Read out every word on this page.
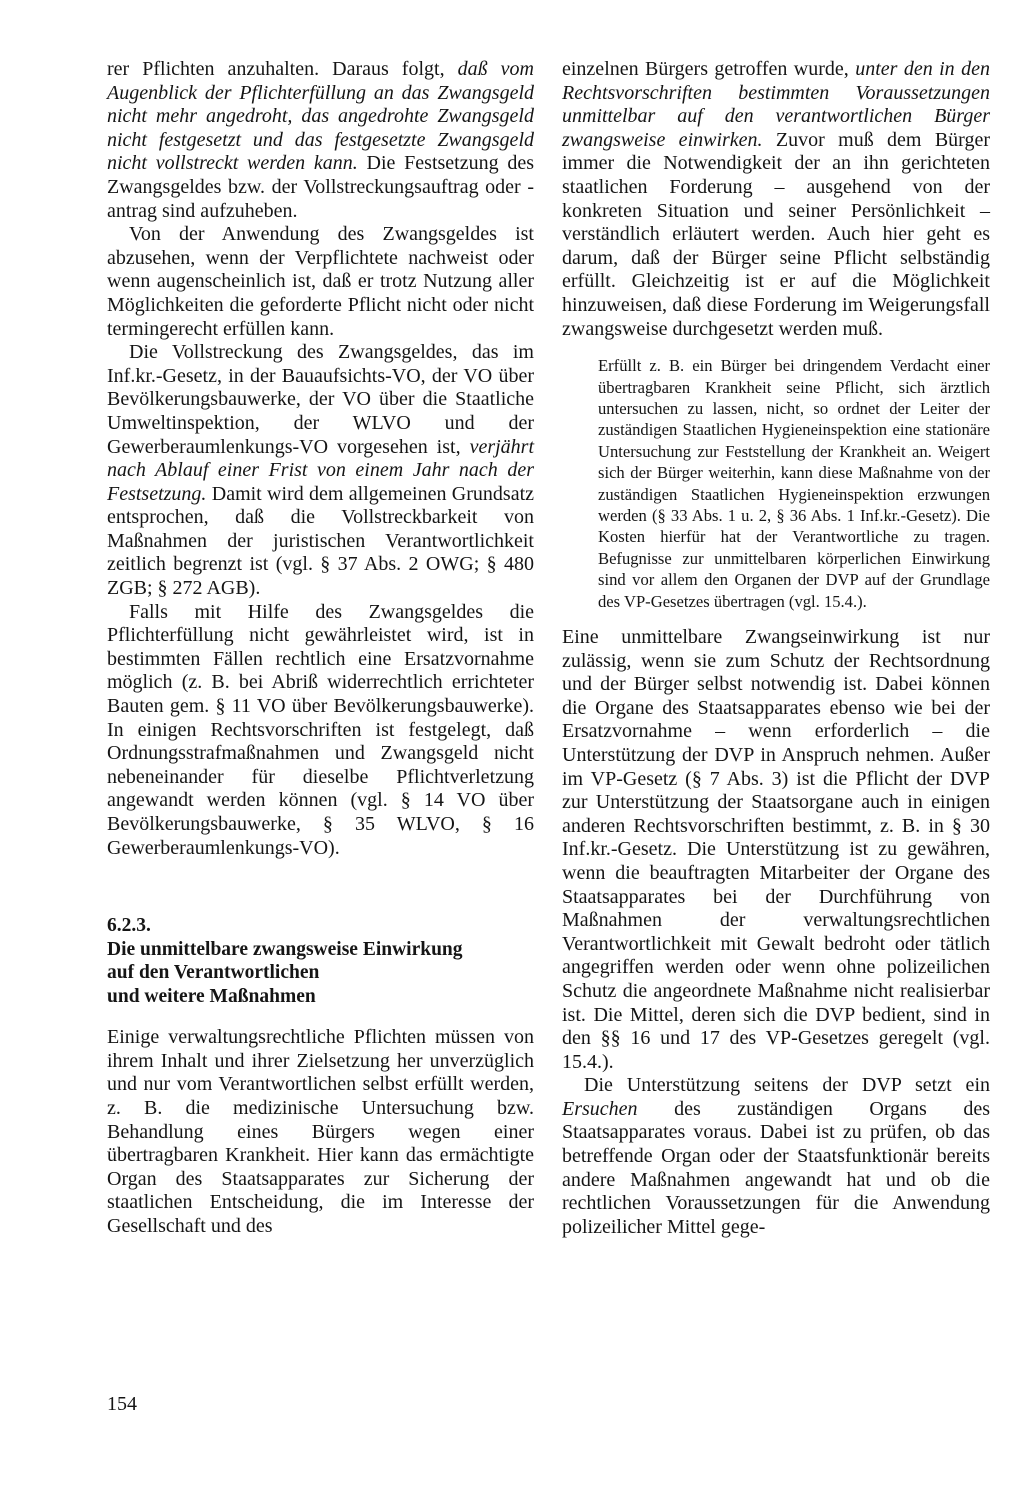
rer Pflichten anzuhalten. Daraus folgt, daß vom Augenblick der Pflichterfüllung an das Zwangsgeld nicht mehr angedroht, das angedrohte Zwangsgeld nicht festgesetzt und das festgesetzte Zwangsgeld nicht vollstreckt werden kann. Die Festsetzung des Zwangsgeldes bzw. der Vollstreckungsauftrag oder -antrag sind aufzuheben.

Von der Anwendung des Zwangsgeldes ist abzusehen, wenn der Verpflichtete nachweist oder wenn augenscheinlich ist, daß er trotz Nutzung aller Möglichkeiten die geforderte Pflicht nicht oder nicht termingerecht erfüllen kann.

Die Vollstreckung des Zwangsgeldes, das im Inf.kr.-Gesetz, in der Bauaufsichts-VO, der VO über Bevölkerungsbauwerke, der VO über die Staatliche Umweltinspektion, der WLVO und der Gewerberaumlenkungs-VO vorgesehen ist, verjährt nach Ablauf einer Frist von einem Jahr nach der Festsetzung. Damit wird dem allgemeinen Grundsatz entsprochen, daß die Vollstreckbarkeit von Maßnahmen der juristischen Verantwortlichkeit zeitlich begrenzt ist (vgl. § 37 Abs. 2 OWG; § 480 ZGB; § 272 AGB).

Falls mit Hilfe des Zwangsgeldes die Pflichterfüllung nicht gewährleistet wird, ist in bestimmten Fällen rechtlich eine Ersatzvornahme möglich (z. B. bei Abriß widerrechtlich errichteter Bauten gem. § 11 VO über Bevölkerungsbauwerke). In einigen Rechtsvorschriften ist festgelegt, daß Ordnungsstrafmaßnahmen und Zwangsgeld nicht nebeneinander für dieselbe Pflichtverletzung angewandt werden können (vgl. § 14 VO über Bevölkerungsbauwerke, § 35 WLVO, § 16 Gewerberaumlenkungs-VO).

6.2.3.
Die unmittelbare zwangsweise Einwirkung
auf den Verantwortlichen
und weitere Maßnahmen

Einige verwaltungsrechtliche Pflichten müssen von ihrem Inhalt und ihrer Zielsetzung her unverzüglich und nur vom Verantwortlichen selbst erfüllt werden, z. B. die medizinische Untersuchung bzw. Behandlung eines Bürgers wegen einer übertragbaren Krankheit. Hier kann das ermächtigte Organ des Staatsapparates zur Sicherung der staatlichen Entscheidung, die im Interesse der Gesellschaft und des

einzelnen Bürgers getroffen wurde, unter den in den Rechtsvorschriften bestimmten Voraussetzungen unmittelbar auf den verantwortlichen Bürger zwangsweise einwirken. Zuvor muß dem Bürger immer die Notwendigkeit der an ihn gerichteten staatlichen Forderung – ausgehend von der konkreten Situation und seiner Persönlichkeit – verständlich erläutert werden. Auch hier geht es darum, daß der Bürger seine Pflicht selbständig erfüllt. Gleichzeitig ist er auf die Möglichkeit hinzuweisen, daß diese Forderung im Weigerungsfall zwangsweise durchgesetzt werden muß.

Erfüllt z. B. ein Bürger bei dringendem Verdacht einer übertragbaren Krankheit seine Pflicht, sich ärztlich untersuchen zu lassen, nicht, so ordnet der Leiter der zuständigen Staatlichen Hygieneinspektion eine stationäre Untersuchung zur Feststellung der Krankheit an. Weigert sich der Bürger weiterhin, kann diese Maßnahme von der zuständigen Staatlichen Hygieneinspektion erzwungen werden (§ 33 Abs. 1 u. 2, § 36 Abs. 1 Inf.kr.-Gesetz). Die Kosten hierfür hat der Verantwortliche zu tragen. Befugnisse zur unmittelbaren körperlichen Einwirkung sind vor allem den Organen der DVP auf der Grundlage des VP-Gesetzes übertragen (vgl. 15.4.).

Eine unmittelbare Zwangseinwirkung ist nur zulässig, wenn sie zum Schutz der Rechtsordnung und der Bürger selbst notwendig ist. Dabei können die Organe des Staatsapparates ebenso wie bei der Ersatzvornahme – wenn erforderlich – die Unterstützung der DVP in Anspruch nehmen. Außer im VP-Gesetz (§ 7 Abs. 3) ist die Pflicht der DVP zur Unterstützung der Staatsorgane auch in einigen anderen Rechtsvorschriften bestimmt, z. B. in § 30 Inf.kr.-Gesetz. Die Unterstützung ist zu gewähren, wenn die beauftragten Mitarbeiter der Organe des Staatsapparates bei der Durchführung von Maßnahmen der verwaltungsrechtlichen Verantwortlichkeit mit Gewalt bedroht oder tätlich angegriffen werden oder wenn ohne polizeilichen Schutz die angeordnete Maßnahme nicht realisierbar ist. Die Mittel, deren sich die DVP bedient, sind in den §§ 16 und 17 des VP-Gesetzes geregelt (vgl. 15.4.).

Die Unterstützung seitens der DVP setzt ein Ersuchen des zuständigen Organs des Staatsapparates voraus. Dabei ist zu prüfen, ob das betreffende Organ oder der Staatsfunktionär bereits andere Maßnahmen angewandt hat und ob die rechtlichen Voraussetzungen für die Anwendung polizeilicher Mittel gege-

154
